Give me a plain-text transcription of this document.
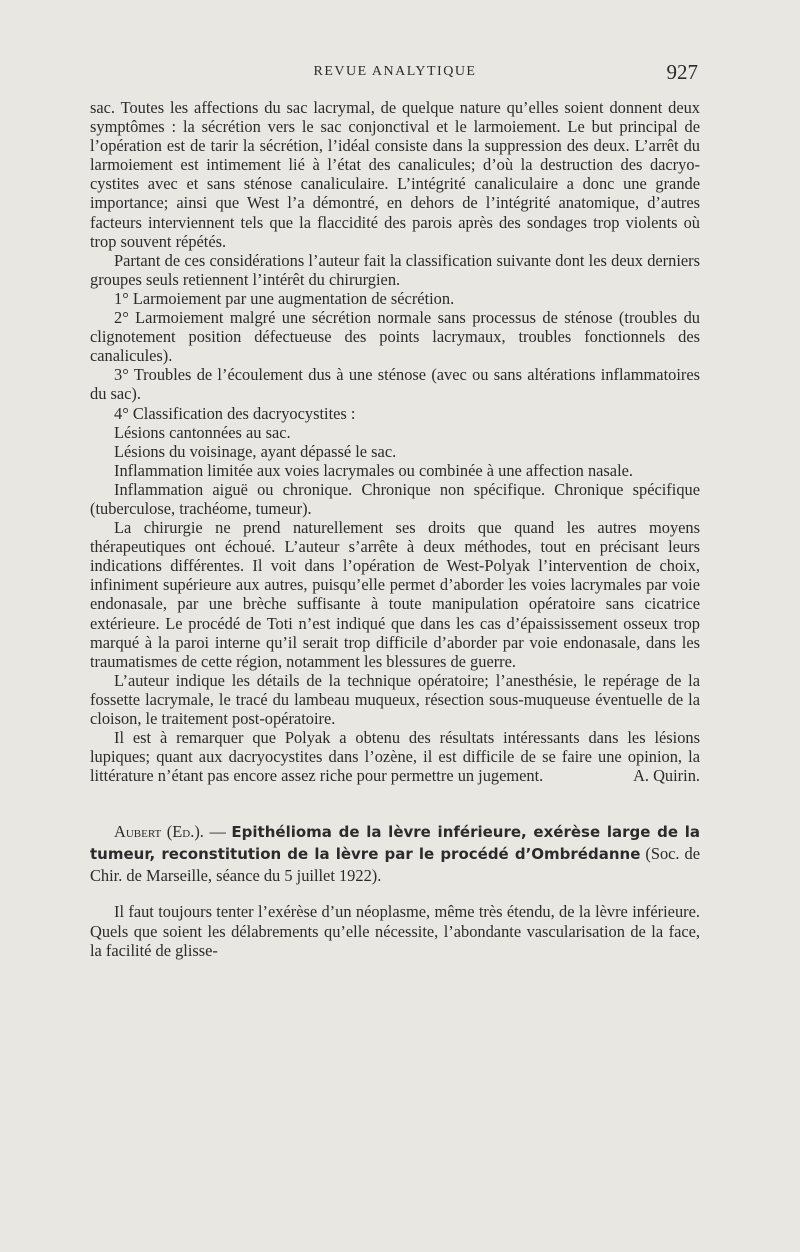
REVUE ANALYTIQUE	927

sac. Toutes les affections du sac lacrymal, de quelque nature qu’elles soient donnent deux symptômes : la sécrétion vers le sac conjonctival et le larmoiement. Le but principal de l’opération est de tarir la sécrétion, l’idéal consiste dans la suppression des deux. L’arrêt du larmoiement est intimement lié à l’état des canalicules; d’où la destruction des dacryo-cystites avec et sans sténose canaliculaire. L’intégrité canaliculaire a donc une grande importance; ainsi que West l’a démontré, en dehors de l’intégrité anatomique, d’autres facteurs interviennent tels que la flaccidité des parois après des sondages trop violents où trop souvent répétés.

Partant de ces considérations l’auteur fait la classification suivante dont les deux derniers groupes seuls retiennent l’intérêt du chirurgien.

1° Larmoiement par une augmentation de sécrétion.

2° Larmoiement malgré une sécrétion normale sans processus de sténose (troubles du clignotement position défectueuse des points lacrymaux, troubles fonctionnels des canalicules).

3° Troubles de l’écoulement dus à une sténose (avec ou sans altérations inflammatoires du sac).

4° Classification des dacryocystites :

Lésions cantonnées au sac.

Lésions du voisinage, ayant dépassé le sac.

Inflammation limitée aux voies lacrymales ou combinée à une affection nasale.

Inflammation aiguë ou chronique. Chronique non spécifique. Chronique spécifique (tuberculose, trachéome, tumeur).

La chirurgie ne prend naturellement ses droits que quand les autres moyens thérapeutiques ont échoué. L’auteur s’arrête à deux méthodes, tout en précisant leurs indications différentes. Il voit dans l’opération de West-Polyak l’intervention de choix, infiniment supérieure aux autres, puisqu’elle permet d’aborder les voies lacrymales par voie endonasale, par une brèche suffisante à toute manipulation opératoire sans cicatrice extérieure. Le procédé de Toti n’est indiqué que dans les cas d’épaississement osseux trop marqué à la paroi interne qu’il serait trop difficile d’aborder par voie endonasale, dans les traumatismes de cette région, notamment les blessures de guerre.

L’auteur indique les détails de la technique opératoire; l’anesthésie, le repérage de la fossette lacrymale, le tracé du lambeau muqueux, résection sous-muqueuse éventuelle de la cloison, le traitement post-opératoire.

Il est à remarquer que Polyak a obtenu des résultats intéressants dans les lésions lupiques; quant aux dacryocystites dans l’ozène, il est difficile de se faire une opinion, la littérature n’étant pas encore assez riche pour permettre un jugement.	A. Quirin.

Aubert (Ed.). — Epithélioma de la lèvre inférieure, exérèse large de la tumeur, reconstitution de la lèvre par le procédé d’Ombrédanne (Soc. de Chir. de Marseille, séance du 5 juillet 1922).

Il faut toujours tenter l’exérèse d’un néoplasme, même très étendu, de la lèvre inférieure. Quels que soient les délabrements qu’elle nécessite, l’abondante vascularisation de la face, la facilité de glisse-
